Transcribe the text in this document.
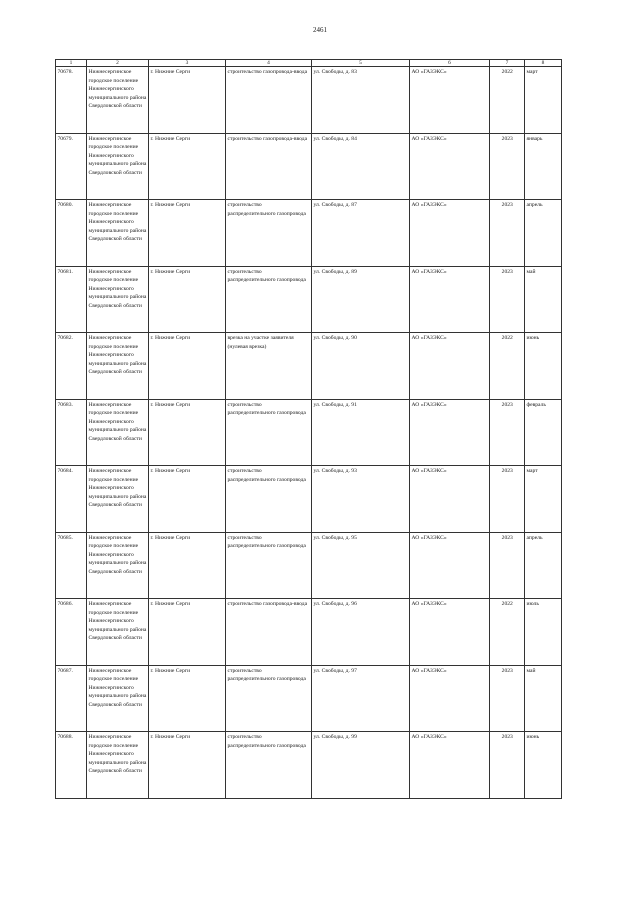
2461
1	2	3	4	5	6	7	8
70678.	Нижнесергинское городское поселение Нижнесергинского муниципального района Свердловской области	г. Нижние Серги	строительство газопровода-ввода	ул. Свободы, д. 83	АО «ГАЗЭКС»	2022	март
70679.	Нижнесергинское городское поселение Нижнесергинского муниципального района Свердловской области	г. Нижние Серги	строительство газопровода-ввода	ул. Свободы, д. 84	АО «ГАЗЭКС»	2023	январь
70680.	Нижнесергинское городское поселение Нижнесергинского муниципального района Свердловской области	г. Нижние Серги	строительство распределительного газопровода	ул. Свободы, д. 87	АО «ГАЗЭКС»	2023	апрель
70681.	Нижнесергинское городское поселение Нижнесергинского муниципального района Свердловской области	г. Нижние Серги	строительство распределительного газопровода	ул. Свободы, д. 89	АО «ГАЗЭКС»	2023	май
70682.	Нижнесергинское городское поселение Нижнесергинского муниципального района Свердловской области	г. Нижние Серги	врезка на участке заявителя (нулевая врезка)	ул. Свободы, д. 90	АО «ГАЗЭКС»	2022	июнь
70683.	Нижнесергинское городское поселение Нижнесергинского муниципального района Свердловской области	г. Нижние Серги	строительство распределительного газопровода	ул. Свободы, д. 91	АО «ГАЗЭКС»	2023	февраль
70684.	Нижнесергинское городское поселение Нижнесергинского муниципального района Свердловской области	г. Нижние Серги	строительство распределительного газопровода	ул. Свободы, д. 93	АО «ГАЗЭКС»	2023	март
70685.	Нижнесергинское городское поселение Нижнесергинского муниципального района Свердловской области	г. Нижние Серги	строительство распределительного газопровода	ул. Свободы, д. 95	АО «ГАЗЭКС»	2023	апрель
70686.	Нижнесергинское городское поселение Нижнесергинского муниципального района Свердловской области	г. Нижние Серги	строительство газопровода-ввода	ул. Свободы, д. 96	АО «ГАЗЭКС»	2022	июль
70687.	Нижнесергинское городское поселение Нижнесергинского муниципального района Свердловской области	г. Нижние Серги	строительство распределительного газопровода	ул. Свободы, д. 97	АО «ГАЗЭКС»	2023	май
70688.	Нижнесергинское городское поселение Нижнесергинского муниципального района Свердловской области	г. Нижние Серги	строительство распределительного газопровода	ул. Свободы, д. 99	АО «ГАЗЭКС»	2023	июнь
